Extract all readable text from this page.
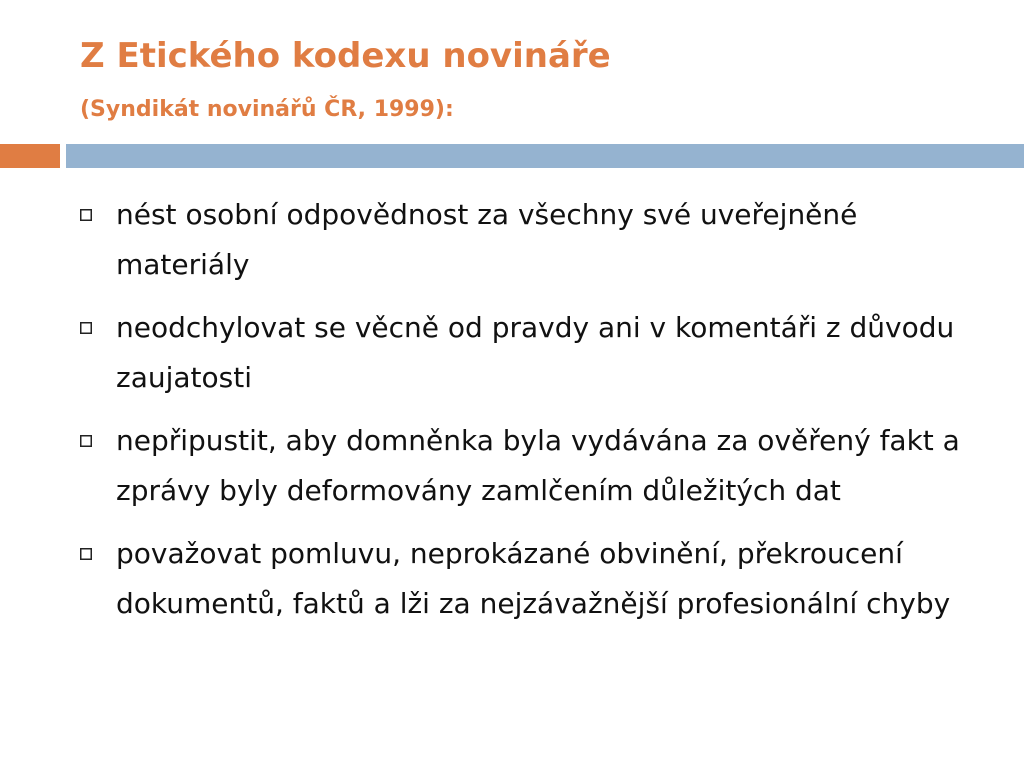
Z Etického kodexu novináře
(Syndikát novinářů ČR, 1999):
nést osobní odpovědnost za všechny své uveřejněné materiály
neodchylovat se věcně od pravdy ani v komentáři z důvodu zaujatosti
nepřipustit, aby domněnka byla vydávána za ověřený fakt a zprávy byly deformovány zamlčením důležitých dat
považovat pomluvu, neprokázané obvinění, překroucení dokumentů, faktů a lži za nejzávažnější profesionální chyby
